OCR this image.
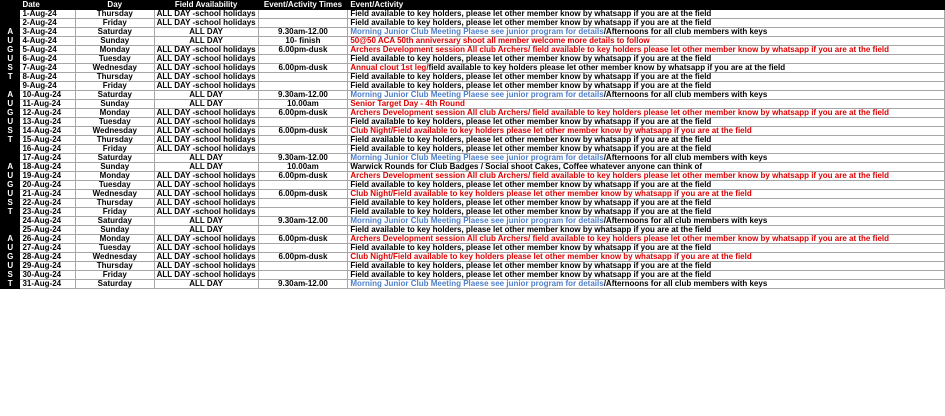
	Date	Day	Field Availability	Event/Activity Times	Event/Activity
	1-Aug-24	Thursday	ALL DAY -school holidays		Field available to key holders, please let other member know by whatsapp if you are at the field
	2-Aug-24	Friday	ALL DAY -school holidays		Field available to key holders, please let other member know by whatsapp if you are at the field
A	3-Aug-24	Saturday	ALL DAY	9.30am-12.00	Morning Junior Club Meeting Plaese see junior program for details/Afternoons for all club members with keys
U	4-Aug-24	Sunday	ALL DAY	10- finish	50@50 ACA 50th anniversary shoot all member welcome more details to follow
G	5-Aug-24	Monday	ALL DAY -school holidays	6.00pm-dusk	Archers Development session All club Archers/ field available to key holders please let other member know by whatsapp if you are at the field
U	6-Aug-24	Tuesday	ALL DAY -school holidays		Field available to key holders, please let other member know by whatsapp if you are at the field
S	7-Aug-24	Wednesday	ALL DAY -school holidays	6.00pm-dusk	Annual clout 1st leg/field available to key holders please let other member know by whatsapp if you are at the field
T	8-Aug-24	Thursday	ALL DAY -school holidays		Field available to key holders, please let other member know by whatsapp if you are at the field
	9-Aug-24	Friday	ALL DAY -school holidays		Field available to key holders, please let other member know by whatsapp if you are at the field
A	10-Aug-24	Saturday	ALL DAY	9.30am-12.00	Morning Junior Club Meeting Plaese see junior program for details/Afternoons for all club members with keys
U	11-Aug-24	Sunday	ALL DAY	10.00am	Senior Target Day - 4th Round
G	12-Aug-24	Monday	ALL DAY -school holidays	6.00pm-dusk	Archers Development session All club Archers/ field available to key holders please let other member know by whatsapp if you are at the field
U	13-Aug-24	Tuesday	ALL DAY -school holidays		Field available to key holders, please let other member know by whatsapp if you are at the field
S	14-Aug-24	Wednesday	ALL DAY -school holidays	6.00pm-dusk	Club Night/Field available to key holders please let other member know by whatsapp if you are at the field
T	15-Aug-24	Thursday	ALL DAY -school holidays		Field available to key holders, please let other member know by whatsapp if you are at the field
	16-Aug-24	Friday	ALL DAY -school holidays		Field available to key holders, please let other member know by whatsapp if you are at the field
	17-Aug-24	Saturday	ALL DAY	9.30am-12.00	Morning Junior Club Meeting Plaese see junior program for details/Afternoons for all club members with keys
A	18-Aug-24	Sunday	ALL DAY	10.00am	Warwick Rounds for Club Badges / Social shoot Cakes, Coffee whatever anyone can think of
U	19-Aug-24	Monday	ALL DAY -school holidays	6.00pm-dusk	Archers Development session All club Archers/ field available to key holders please let other member know by whatsapp if you are at the field
G	20-Aug-24	Tuesday	ALL DAY -school holidays		Field available to key holders, please let other member know by whatsapp if you are at the field
U	21-Aug-24	Wednesday	ALL DAY -school holidays	6.00pm-dusk	Club Night/Field available to key holders please let other member know by whatsapp if you are at the field
S	22-Aug-24	Thursday	ALL DAY -school holidays		Field available to key holders, please let other member know by whatsapp if you are at the field
T	23-Aug-24	Friday	ALL DAY -school holidays		Field available to key holders, please let other member know by whatsapp if you are at the field
	24-Aug-24	Saturday	ALL DAY	9.30am-12.00	Morning Junior Club Meeting Plaese see junior program for details/Afternoons for all club members with keys
	25-Aug-24	Sunday	ALL DAY		Field available to key holders, please let other member know by whatsapp if you are at the field
A	26-Aug-24	Monday	ALL DAY -school holidays	6.00pm-dusk	Archers Development session All club Archers/ field available to key holders please let other member know by whatsapp if you are at the field
U	27-Aug-24	Tuesday	ALL DAY -school holidays		Field available to key holders, please let other member know by whatsapp if you are at the field
G	28-Aug-24	Wednesday	ALL DAY -school holidays	6.00pm-dusk	Club Night/Field available to key holders please let other member know by whatsapp if you are at the field
U	29-Aug-24	Thursday	ALL DAY -school holidays		Field available to key holders, please let other member know by whatsapp if you are at the field
S	30-Aug-24	Friday	ALL DAY -school holidays		Field available to key holders, please let other member know by whatsapp if you are at the field
T	31-Aug-24	Saturday	ALL DAY	9.30am-12.00	Morning Junior Club Meeting Plaese see junior program for details/Afternoons for all club members with keys
